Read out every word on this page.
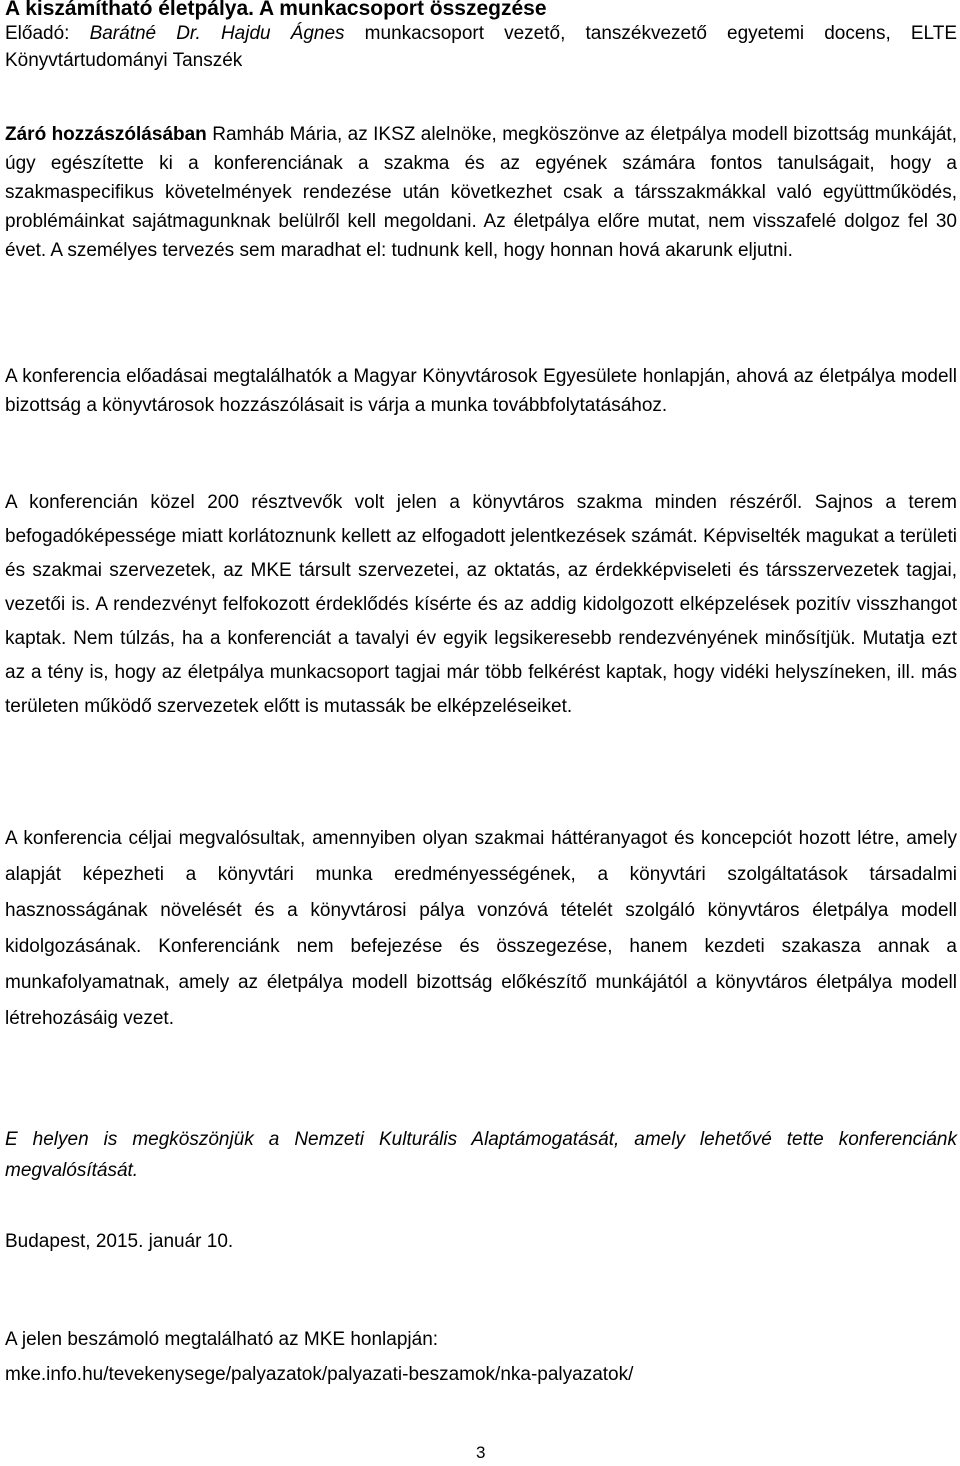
A kiszámítható életpálya. A munkacsoport összegzése
Előadó: Barátné Dr. Hajdu Ágnes munkacsoport vezető, tanszékvezető egyetemi docens, ELTE Könyvtártudományi Tanszék
Záró hozzászólásában Ramháb Mária, az IKSZ alelnöke, megköszönve az életpálya modell bizottság munkáját, úgy egészítette ki a konferenciának a szakma és az egyének számára fontos tanulságait, hogy a szakmaspecifikus követelmények rendezése után következhet csak a társszakmákkal való együttműködés, problémáinkat sajátmagunknak belülről kell megoldani. Az életpálya előre mutat, nem visszafelé dolgoz fel 30 évet. A személyes tervezés sem maradhat el: tudnunk kell, hogy honnan hová akarunk eljutni.
A konferencia előadásai megtalálhatók a Magyar Könyvtárosok Egyesülete honlapján, ahová az életpálya modell bizottság a könyvtárosok hozzászólásait is várja a munka továbbfolytatásához.
A konferencián közel 200 résztvevők volt jelen a könyvtáros szakma minden részéről. Sajnos a terem befogadóképessége miatt korlátoznunk kellett az elfogadott jelentkezések számát. Képviselték magukat a területi és szakmai szervezetek, az MKE társult szervezetei, az oktatás, az érdekképviseleti és társszervezetek tagjai, vezetői is. A rendezvényt felfokozott érdeklődés kísérte és az addig kidolgozott elképzelések pozitív visszhangot kaptak. Nem túlzás, ha a konferenciát a tavalyi év egyik legsikeresebb rendezvényének minősítjük. Mutatja ezt az a tény is, hogy az életpálya munkacsoport tagjai már több felkérést kaptak, hogy vidéki helyszíneken, ill. más területen működő szervezetek előtt is mutassák be elképzeléseiket.
A konferencia céljai megvalósultak, amennyiben olyan szakmai háttéranyagot és koncepciót hozott létre, amely alapját képezheti a könyvtári munka eredményességének, a könyvtári szolgáltatások társadalmi hasznosságának növelését és a könyvtárosi pálya vonzóvá tételét szolgáló könyvtáros életpálya modell kidolgozásának. Konferenciánk nem befejezése és összegezése, hanem kezdeti szakasza annak a munkafolyamatnak, amely az életpálya modell bizottság előkészítő munkájától a könyvtáros életpálya modell létrehozásáig vezet.
E helyen is megköszönjük a Nemzeti Kulturális Alaptámogatását, amely lehetővé tette konferenciánk megvalósítását.
Budapest, 2015. január 10.
A jelen beszámoló megtalálható az MKE honlapján:
mke.info.hu/tevekenysege/palyazatok/palyazati-beszamok/nka-palyazatok/
3
